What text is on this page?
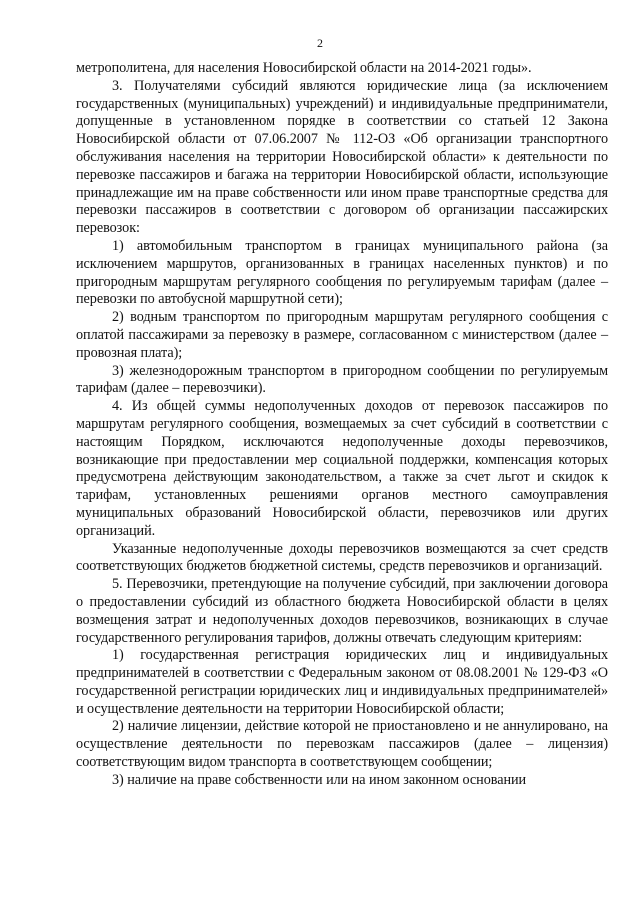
2

метрополитена, для населения Новосибирской области на 2014-2021 годы».

3. Получателями субсидий являются юридические лица (за исключением государственных (муниципальных) учреждений) и индивидуальные предприниматели, допущенные в установленном порядке в соответствии со статьей 12 Закона Новосибирской области от 07.06.2007 № 112-ОЗ «Об организации транспортного обслуживания населения на территории Новосибирской области» к деятельности по перевозке пассажиров и багажа на территории Новосибирской области, использующие принадлежащие им на праве собственности или ином праве транспортные средства для перевозки пассажиров в соответствии с договором об организации пассажирских перевозок:

1) автомобильным транспортом в границах муниципального района (за исключением маршрутов, организованных в границах населенных пунктов) и по пригородным маршрутам регулярного сообщения по регулируемым тарифам (далее – перевозки по автобусной маршрутной сети);

2) водным транспортом по пригородным маршрутам регулярного сообщения с оплатой пассажирами за перевозку в размере, согласованном с министерством (далее – провозная плата);

3) железнодорожным транспортом в пригородном сообщении по регулируемым тарифам (далее – перевозчики).

4. Из общей суммы недополученных доходов от перевозок пассажиров по маршрутам регулярного сообщения, возмещаемых за счет субсидий в соответствии с настоящим Порядком, исключаются недополученные доходы перевозчиков, возникающие при предоставлении мер социальной поддержки, компенсация которых предусмотрена действующим законодательством, а также за счет льгот и скидок к тарифам, установленных решениями органов местного самоуправления муниципальных образований Новосибирской области, перевозчиков или других организаций.

Указанные недополученные доходы перевозчиков возмещаются за счет средств соответствующих бюджетов бюджетной системы, средств перевозчиков и организаций.

5. Перевозчики, претендующие на получение субсидий, при заключении договора о предоставлении субсидий из областного бюджета Новосибирской области в целях возмещения затрат и недополученных доходов перевозчиков, возникающих в случае государственного регулирования тарифов, должны отвечать следующим критериям:

1) государственная регистрация юридических лиц и индивидуальных предпринимателей в соответствии с Федеральным законом от 08.08.2001 № 129-ФЗ «О государственной регистрации юридических лиц и индивидуальных предпринимателей» и осуществление деятельности на территории Новосибирской области;

2) наличие лицензии, действие которой не приостановлено и не аннулировано, на осуществление деятельности по перевозкам пассажиров (далее – лицензия) соответствующим видом транспорта в соответствующем сообщении;

3) наличие на праве собственности или на ином законном основании
